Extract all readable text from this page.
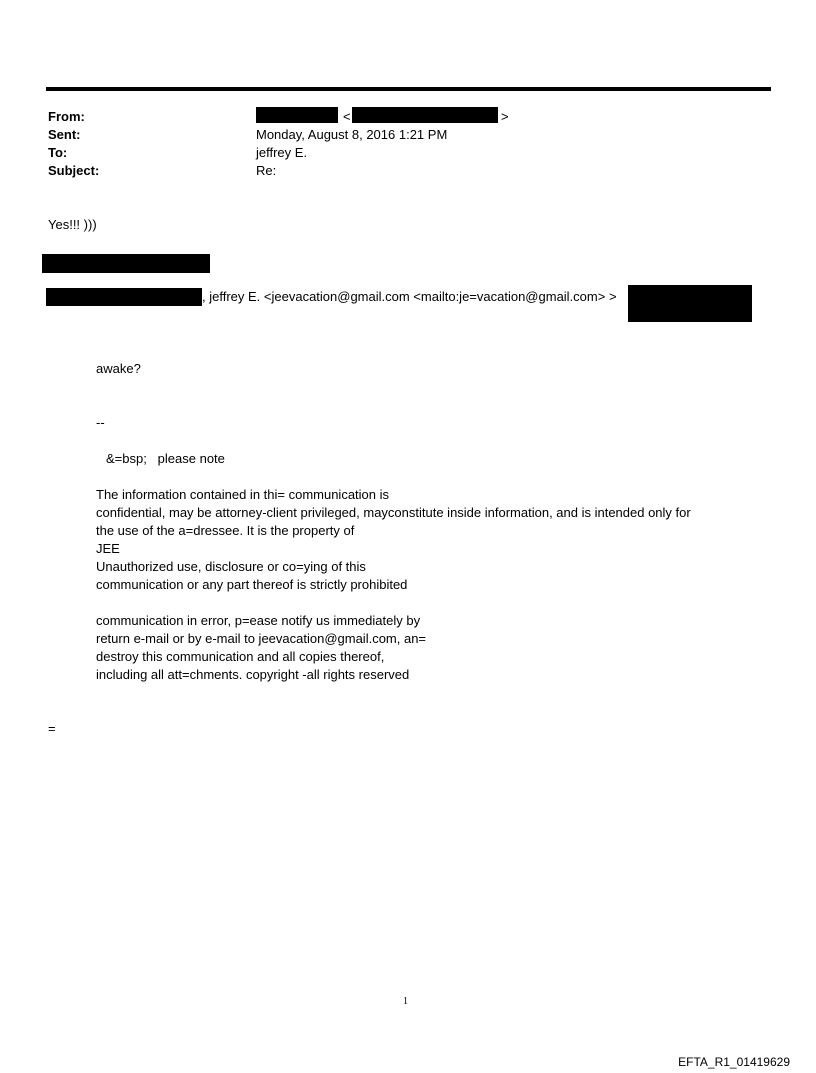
From:
Sent:
To:
Subject:
<	>
Monday, August 8, 2016 1:21 PM
jeffrey E.
Re:
Yes!!! )))
, jeffrey E. <jeevacation@gmail.com <mailto:je=vacation@gmail.com> >
awake?
--
&=bsp;   please note
The information contained in thi= communication is
confidential, may be attorney-client privileged, mayconstitute inside information, and is intended only for
the use of the a=dressee. It is the property of
JEE
Unauthorized use, disclosure or co=ying of this
communication or any part thereof is strictly prohibited
communication in error, p=ease notify us immediately by
return e-mail or by e-mail to jeevacation@gmail.com, an=
destroy this communication and all copies thereof,
including all att=chments. copyright -all rights reserved
=
1
EFTA_R1_01419629
